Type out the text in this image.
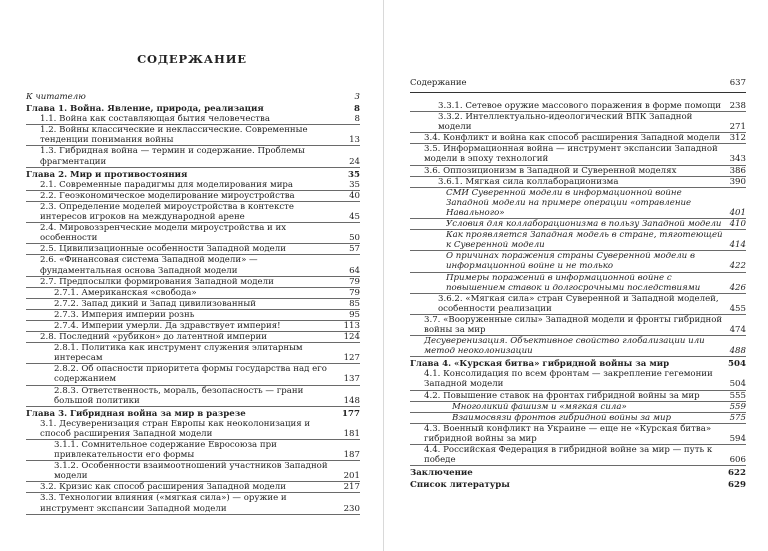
СОДЕРЖАНИЕ
К читателю	3
Глава 1. Война. Явление, природа, реализация	8
1.1. Война как составляющая бытия человечества	8
1.2. Войны классические и неклассические. Современные тенденции понимания войны	13
1.3. Гибридная война — термин и содержание. Проблемы фрагментации	24
Глава 2. Мир и противостояния	35
2.1. Современные парадигмы для моделирования мира	35
2.2. Геоэкономическое моделирование мироустройства	40
2.3. Определение моделей мироустройства в контексте интересов игроков на международной арене	45
2.4. Мировоззренческие модели мироустройства и их особенности	50
2.5. Цивилизационные особенности Западной модели	57
2.6. «Финансовая система Западной модели» — фундаментальная основа Западной модели	64
2.7. Предпосылки формирования Западной модели	79
2.7.1. Американская «свобода»	79
2.7.2. Запад дикий и Запад цивилизованный	85
2.7.3. Империя империи рознь	95
2.7.4. Империи умерли. Да здравствует империя!	113
2.8. Последний «рубикон» до латентной империи	124
2.8.1. Политика как инструмент служения элитарным интересам	127
2.8.2. Об опасности приоритета формы государства над его содержанием	137
2.8.3. Ответственность, мораль, безопасность — грани большой политики	148
Глава 3. Гибридная война за мир в разрезе	177
3.1. Десуверенизация стран Европы как неоколонизация и способ расширения Западной модели	181
3.1.1. Сомнительное содержание Евросоюза при привлекательности его формы	187
3.1.2. Особенности взаимоотношений участников Западной модели	201
3.2. Кризис как способ расширения Западной модели	217
3.3. Технологии влияния («мягкая сила») — оружие и инструмент экспансии Западной модели	230
Содержание	637
3.3.1. Сетевое оружие массового поражения в форме помощи	238
3.3.2. Интеллектуально-идеологический ВПК Западной модели	271
3.4. Конфликт и война как способ расширения Западной модели	312
3.5. Информационная война — инструмент экспансии Западной модели в эпоху технологий	343
3.6. Оппозиционизм в Западной и Суверенной моделях	386
3.6.1. Мягкая сила коллаборационизма	390
СМИ Суверенной модели в информационной войне Западной модели на примере операции «отравление Навального»	401
Условия для коллаборационизма в пользу Западной модели 410
Как проявляется Западная модель в стране, тяготеющей к Суверенной модели	414
О причинах поражения страны Суверенной модели в информационной войне и не только	422
Примеры поражений в информационной войне с повышением ставок и долгосрочными последствиями	426
3.6.2. «Мягкая сила» стран Суверенной и Западной моделей, особенности реализации	455
3.7. «Вооруженные силы» Западной модели и фронты гибридной войны за мир	474
Десуверенизация. Объективное свойство глобализации или метод неоколонизации	488
Глава 4. «Курская битва» гибридной войны за мир	504
4.1. Консолидация по всем фронтам — закрепление гегемонии Западной модели	504
4.2. Повышение ставок на фронтах гибридной войны за мир	555
Многоликий фашизм и «мягкая сила»	559
Взаимосвязи фронтов гибридной войны за мир	575
4.3. Военный конфликт на Украине — еще не «Курская битва» гибридной войны за мир	594
4.4. Российская Федерация в гибридной войне за мир — путь к победе	606
Заключение	622
Список литературы	629
